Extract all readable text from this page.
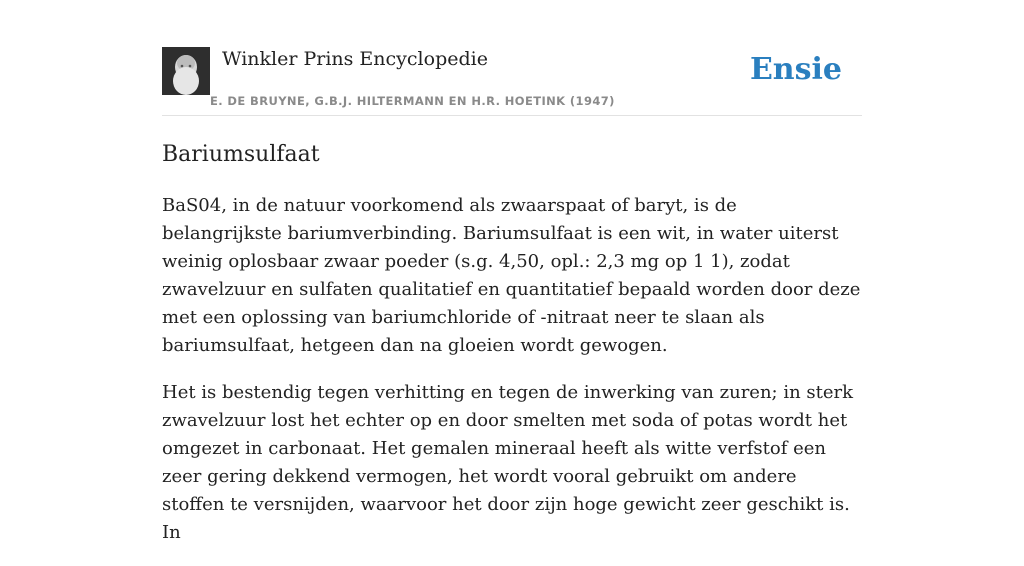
Winkler Prins Encyclopedie
E. DE BRUYNE, G.B.J. HILTERMANN EN H.R. HOETINK (1947)
Ensie
Bariumsulfaat

BaS04, in de natuur voorkomend als zwaarspaat of baryt, is de belangrijkste bariumverbinding. Bariumsulfaat is een wit, in water uiterst weinig oplosbaar zwaar poeder (s.g. 4,50, opl.: 2,3 mg op 1 1), zodat zwavelzuur en sulfaten qualitatief en quantitatief bepaald worden door deze met een oplossing van bariumchloride of -nitraat neer te slaan als bariumsulfaat, hetgeen dan na gloeien wordt gewogen.

Het is bestendig tegen verhitting en tegen de inwerking van zuren; in sterk zwavelzuur lost het echter op en door smelten met soda of potas wordt het omgezet in carbonaat. Het gemalen mineraal heeft als witte verfstof een zeer gering dekkend vermogen, het wordt vooral gebruikt om andere stoffen te versnijden, waarvoor het door zijn hoge gewicht zeer geschikt is. In
